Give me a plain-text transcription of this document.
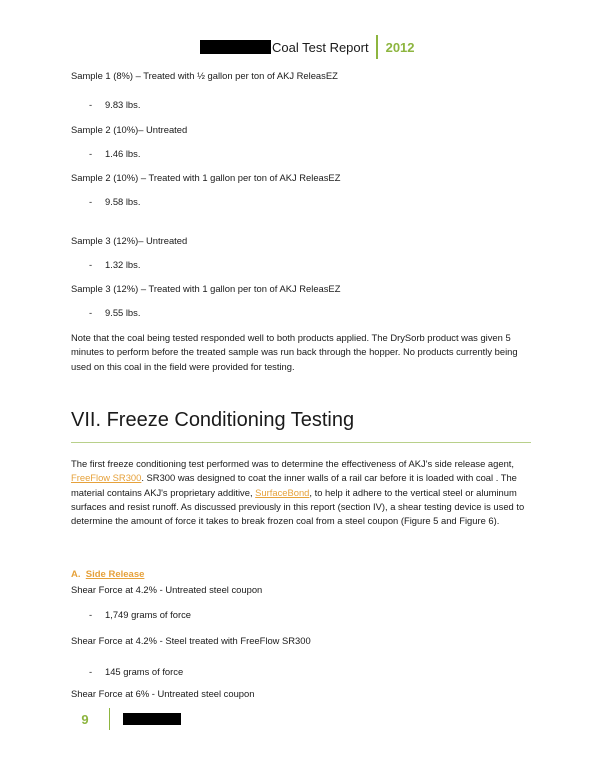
Coal Test Report 2012
Sample 1 (8%) – Treated with ½ gallon per ton of AKJ ReleasEZ
- 9.83 lbs.
Sample 2 (10%)– Untreated
- 1.46 lbs.
Sample 2 (10%) – Treated with 1 gallon per ton of AKJ ReleasEZ
- 9.58 lbs.
Sample 3 (12%)– Untreated
- 1.32 lbs.
Sample 3 (12%) – Treated with 1 gallon per ton of AKJ ReleasEZ
- 9.55 lbs.
Note that the coal being tested responded well to both products applied. The DrySorb product was given 5 minutes to perform before the treated sample was run back through the hopper. No products currently being used on this coal in the field were provided for testing.
VII. Freeze Conditioning Testing
The first freeze conditioning test performed was to determine the effectiveness of AKJ's side release agent, FreeFlow SR300. SR300 was designed to coat the inner walls of a rail car before it is loaded with coal . The material contains AKJ's proprietary additive, SurfaceBond, to help it adhere to the vertical steel or aluminum surfaces and resist runoff. As discussed previously in this report (section IV), a shear testing device is used to determine the amount of force it takes to break frozen coal from a steel coupon (Figure 5 and Figure 6).
A. Side Release
Shear Force at 4.2% - Untreated steel coupon
- 1,749 grams of force
Shear Force at 4.2% - Steel treated with FreeFlow SR300
- 145 grams of force
Shear Force at 6% - Untreated steel coupon
9
